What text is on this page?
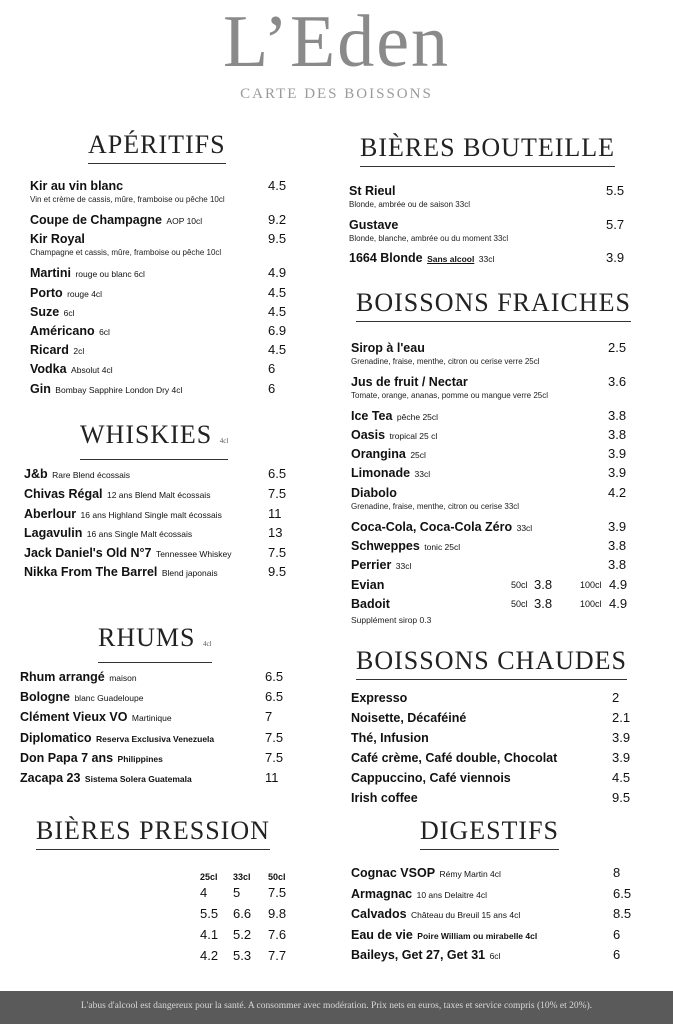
L’Eden
CARTE DES BOISSONS
APÉRITIFS
Kir au vin blanc	4.5
Vin et crème de cassis, mûre, framboise ou pêche 10cl
Coupe de Champagne AOP 10cl	9.2
Kir Royal	9.5
Champagne et cassis, mûre, framboise ou pêche 10cl
Martini rouge ou blanc 6cl	4.9
Porto rouge 4cl	4.5
Suze 6cl	4.5
Américano 6cl	6.9
Ricard 2cl	4.5
Vodka Absolut 4cl	6
Gin Bombay Sapphire London Dry 4cl	6
WHISKIES 4cl
J&b Rare Blend écossais	6.5
Chivas Régal 12 ans Blend Malt écossais	7.5
Aberlour 16 ans Highland Single malt écossais	11
Lagavulin 16 ans Single Malt écossais	13
Jack Daniel's Old N°7 Tennessee Whiskey	7.5
Nikka From The Barrel Blend japonais	9.5
RHUMS 4cl
Rhum arrangé maison	6.5
Bologne blanc Guadeloupe	6.5
Clément Vieux VO Martinique	7
Diplomatico Reserva Exclusiva Venezuela	7.5
Don Papa 7 ans Philippines	7.5
Zacapa 23 Sistema Solera Guatemala	11
BIÈRES PRESSION
25cl 33cl 50cl
4 5 7.5
5.5 6.6 9.8
4.1 5.2 7.6
4.2 5.3 7.7
BIÈRES BOUTEILLE
St Rieul	5.5
Blonde, ambrée ou de saison 33cl
Gustave	5.7
Blonde, blanche, ambrée ou du moment 33cl
1664 Blonde Sans alcool 33cl	3.9
BOISSONS FRAICHES
Sirop à l'eau	2.5
Grenadine, fraise, menthe, citron ou cerise verre 25cl
Jus de fruit / Nectar	3.6
Tomate, orange, ananas, pomme ou mangue verre 25cl
Ice Tea pêche 25cl	3.8
Oasis tropical 25 cl	3.8
Orangina 25cl	3.9
Limonade 33cl	3.9
Diabolo	4.2
Grenadine, fraise, menthe, citron ou cerise 33cl
Coca-Cola, Coca-Cola Zéro 33cl	3.9
Schweppes tonic 25cl	3.8
Perrier 33cl	3.8
Evian	50cl 3.8	100cl 4.9
Badoit	50cl 3.8	100cl 4.9
Supplément sirop 0.3
BOISSONS CHAUDES
Expresso	2
Noisette, Décaféiné	2.1
Thé, Infusion	3.9
Café crème, Café double, Chocolat	3.9
Cappuccino, Café viennois	4.5
Irish coffee	9.5
DIGESTIFS
Cognac VSOP Rémy Martin 4cl	8
Armagnac 10 ans Delaitre 4cl	6.5
Calvados Château du Breuil 15 ans 4cl	8.5
Eau de vie Poire William ou mirabelle 4cl	6
Baileys, Get 27, Get 31 6cl	6
L'abus d'alcool est dangereux pour la santé. A consommer avec modération. Prix nets en euros, taxes et service compris (10% et 20%).
